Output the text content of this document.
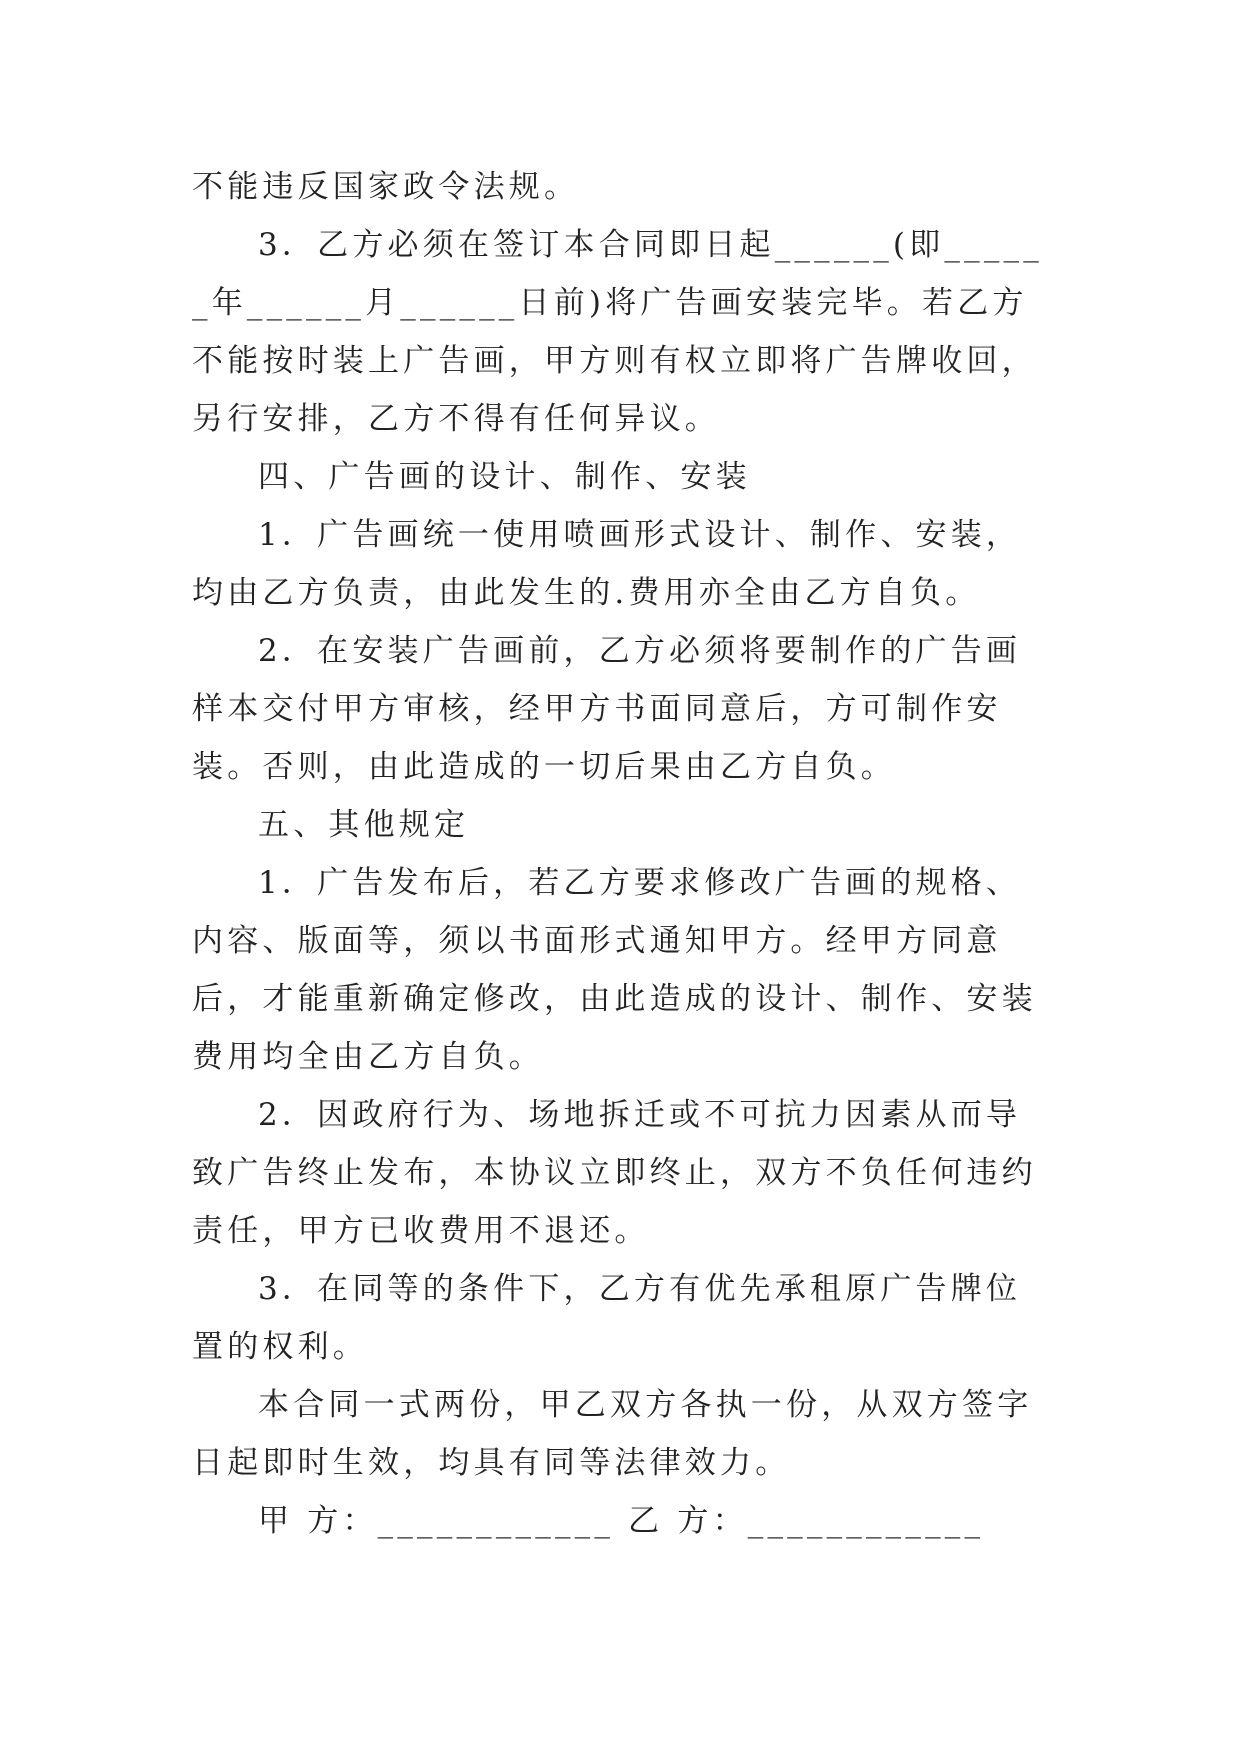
不能违反国家政令法规。

3．乙方必须在签订本合同即日起______(即______年______月______日前)将广告画安装完毕。若乙方不能按时装上广告画，甲方则有权立即将广告牌收回，另行安排，乙方不得有任何异议。

四、广告画的设计、制作、安装

1．广告画统一使用喷画形式设计、制作、安装，均由乙方负责，由此发生的.费用亦全由乙方自负。

2．在安装广告画前，乙方必须将要制作的广告画样本交付甲方审核，经甲方书面同意后，方可制作安装。否则，由此造成的一切后果由乙方自负。

五、其他规定

1．广告发布后，若乙方要求修改广告画的规格、内容、版面等，须以书面形式通知甲方。经甲方同意后，才能重新确定修改，由此造成的设计、制作、安装费用均全由乙方自负。

2．因政府行为、场地拆迁或不可抗力因素从而导致广告终止发布，本协议立即终止，双方不负任何违约责任，甲方已收费用不退还。

3．在同等的条件下，乙方有优先承租原广告牌位置的权利。

本合同一式两份，甲乙双方各执一份，从双方签字日起即时生效，均具有同等法律效力。

甲 方：____________ 乙 方：____________
